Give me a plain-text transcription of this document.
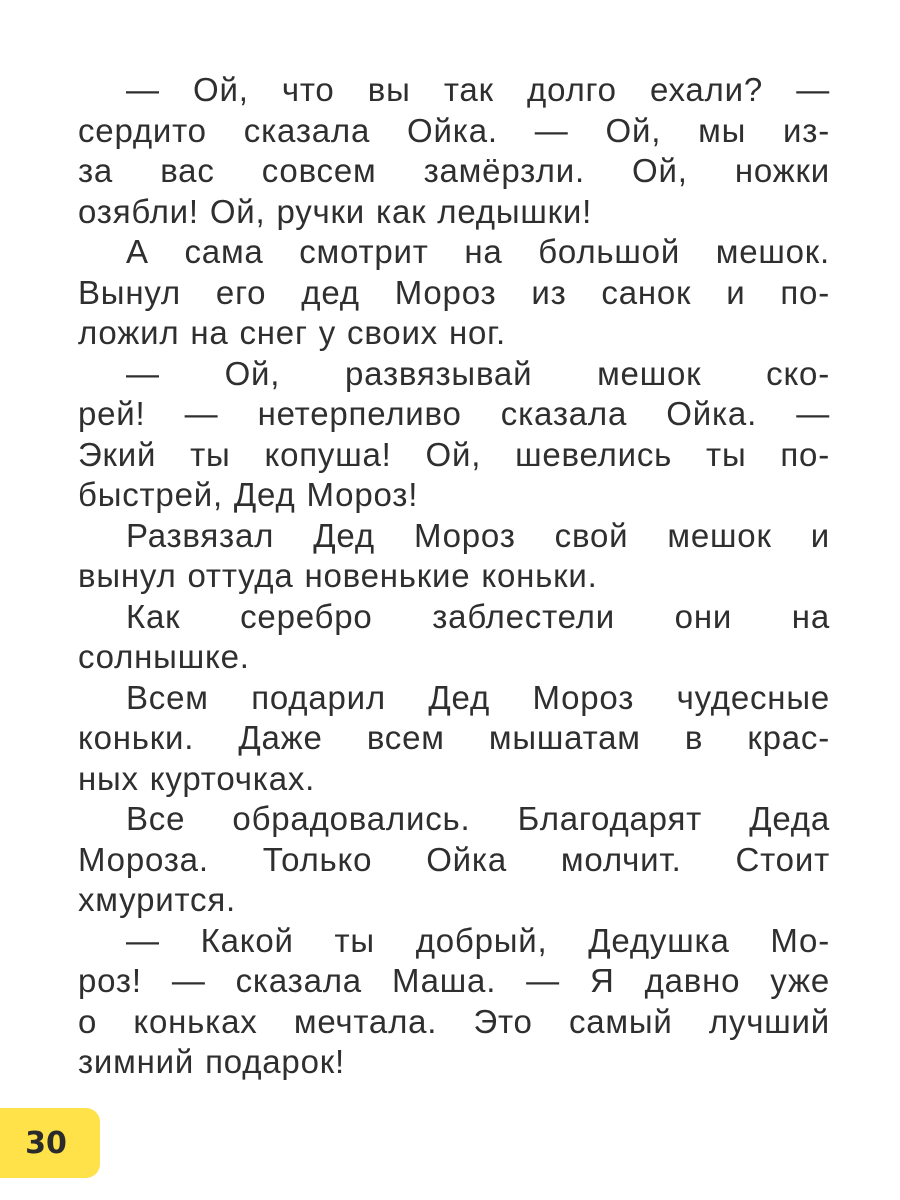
— Ой, что вы так долго ехали? —
сердито сказала Ойка. — Ой, мы из-
за вас совсем замёрзли. Ой, ножки
озябли! Ой, ручки как ледышки!
А сама смотрит на большой мешок.
Вынул его дед Мороз из санок и по-
ложил на снег у своих ног.
— Ой, развязывай мешок ско-
рей! — нетерпеливо сказала Ойка. —
Экий ты копуша! Ой, шевелись ты по-
быстрей, Дед Мороз!
Развязал Дед Мороз свой мешок и
вынул оттуда новенькие коньки.
Как серебро заблестели они на
солнышке.
Всем подарил Дед Мороз чудесные
коньки. Даже всем мышатам в крас-
ных курточках.
Все обрадовались. Благодарят Деда
Мороза. Только Ойка молчит. Стоит
хмурится.
— Какой ты добрый, Дедушка Мо-
роз! — сказала Маша. — Я давно уже
о коньках мечтала. Это самый лучший
зимний подарок!
30
